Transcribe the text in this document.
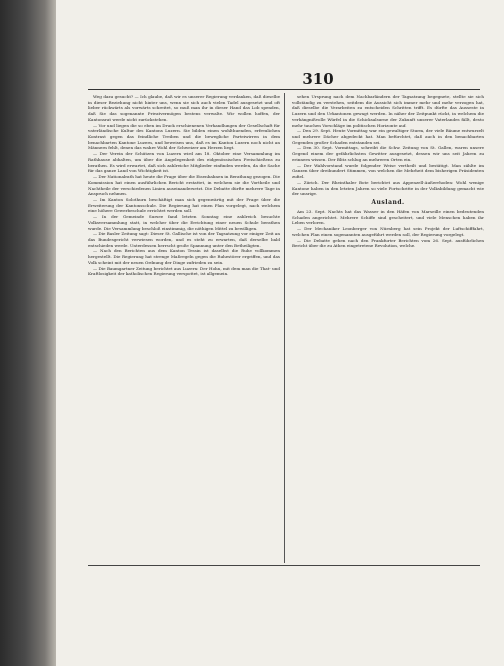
310

Weg dazu gesucht? — Ich glaube, daß wir es unserer Regierung verdanken, daß dieselbe in dieser Beziehung nicht hinter uns, wenn sie sich auch vielen Tadel ausgesetzt und oft lieber rückwärts als vorwärts schreitet, so muß man ihr in dieser Hand das Lob spenden, daß Sie das sogenannte Privatvermögen bestens verwalte. Wir wollen hoffen, der Kantonsrat werde nicht zurückstehen.

— Vor und liegen die so eben im Druck erschienenen Verhandlungen der Gesellschaft für vaterländische Kultur des Kantons Luzern. Sie bilden einen wohlthuenden, erfreulichen Kontrast gegen das feindliche Treiben und die bewegliche Parteiwirren in dem benachbarten Kantone Luzern, und beweisen uns, daß es im Kanton Luzern noch nicht an Männern fehlt, denen das wahre Wohl der Schweizer am Herzen liegt.

— Der Verein der Schützen von Luzern wird am 18. Oktober eine Versammlung im Rathhause abhalten, um über die Angelegenheit des eidgenössischen Freischießens zu berathen. Es wird erwartet, daß sich zahlreiche Mitglieder einfinden werden, da die Sache für das ganze Land von Wichtigkeit ist.

— Der Nationalrath hat heute die Frage über die Eisenbahnen in Berathung gezogen. Die Kommission hat einen ausführlichen Bericht erstattet, in welchem sie die Vortheile und Nachtheile der verschiedenen Linien auseinandersetzt. Die Debatte dürfte mehrere Tage in Anspruch nehmen.

— Im Kanton Solothurn beschäftigt man sich gegenwärtig mit der Frage über die Erweiterung der Kantonsschule. Die Regierung hat einen Plan vorgelegt, nach welchem eine höhere Gewerbeschule errichtet werden soll.

— In der Gemeinde Sursee fand letzten Sonntag eine zahlreich besuchte Volksversammlung statt, in welcher über die Errichtung einer neuen Schule berathen wurde. Die Versammlung beschloß einstimmig, die nöthigen Mittel zu bewilligen.

— Die Basler Zeitung sagt: Dieser St. Gallische ist von der Tagsatzung vor einiger Zeit an das Bundesgericht verwiesen worden, und es steht zu erwarten, daß derselbe bald entschieden werde. Unterdessen herrscht große Spannung unter den Betheiligten.

— Nach den Berichten aus dem Kanton Tessin ist daselbst die Ruhe vollkommen hergestellt. Die Regierung hat strenge Maßregeln gegen die Ruhestörer ergriffen, und das Volk scheint mit der neuen Ordnung der Dinge zufrieden zu sein.

— Die Baumgartner Zeitung berichtet aus Luzern: Der Hohn, mit dem man die That- und Kraftlosigkeit der katholischen Regierung verspottet, ist allgemein.

sehen Ursprung nach dem Nachbarländern der Tagsatzung begegnete, stellte sie sich vollständig zu verstehen, seitdem die Aussicht sich immer mehr und mehr verzogen hat, daß dieselbe die Verarbeiten zu entscheiden Schritten trifft. Es dürfte das Ausseste in Luzern und den Urkantonen gewagt werden. In näher der Zeitpunkt rückt, in welchem die verhängnißvolle Würfel in die Schicksalsurne der Zukunft unserer Vaterlandes fällt, desto mehr tauchen Vorschläge im politischen Horizonte auf.

— Den 29. Sept. Heute Vormittag war ein gewaltiger Sturm, der viele Bäume entwurzelt und mehrere Dächer abgedeckt hat. Man befürchtet, daß auch in den benachbarten Gegenden großer Schaden entstanden sei.

— Den 30. Sept. Vormittags, schreibt die Schw. Zeitung von St. Gallen, waren unsere Gegend einem der gefährlichsten Gewitter ausgesetzt, dessen wir uns seit Jahren zu erinnern wissen. Der Blitz schlug an mehreren Orten ein.

— Der Wahlvorstand wurde folgender Weise vertheilt und bestätigt. Man zählte im Ganzen über dreihundert Stimmen, von welchen die Mehrheit dem bisherigen Präsidenten zufiel.

— Zürich. Der Rheinthaler Bote berichtet aus Appenzell-Außerrhoden: Wohl wenige Kantone haben in den letzten Jahren so viele Fortschritte in der Volksbildung gemacht wie der unsrige.

Ausland.

Am 23. Sept. Nachts hat das Wasser in den Häfen von Marseille einen bedeutenden Schaden angerichtet. Mehrere Schiffe sind gescheitert, und viele Menschen haben ihr Leben verloren.

— Der Mechaniker Leonberger von Nürnberg hat sein Projekt der Luftschifffahrt, welchen Plan einen sogenannten ausgeführt werden soll, der Regierung vorgelegt.

— Die Debatte gehen nach den Frankfurter Berichten vom 26. Sept. ausführlichen Bericht über die zu Athen eingetretene Revolution, welche.
